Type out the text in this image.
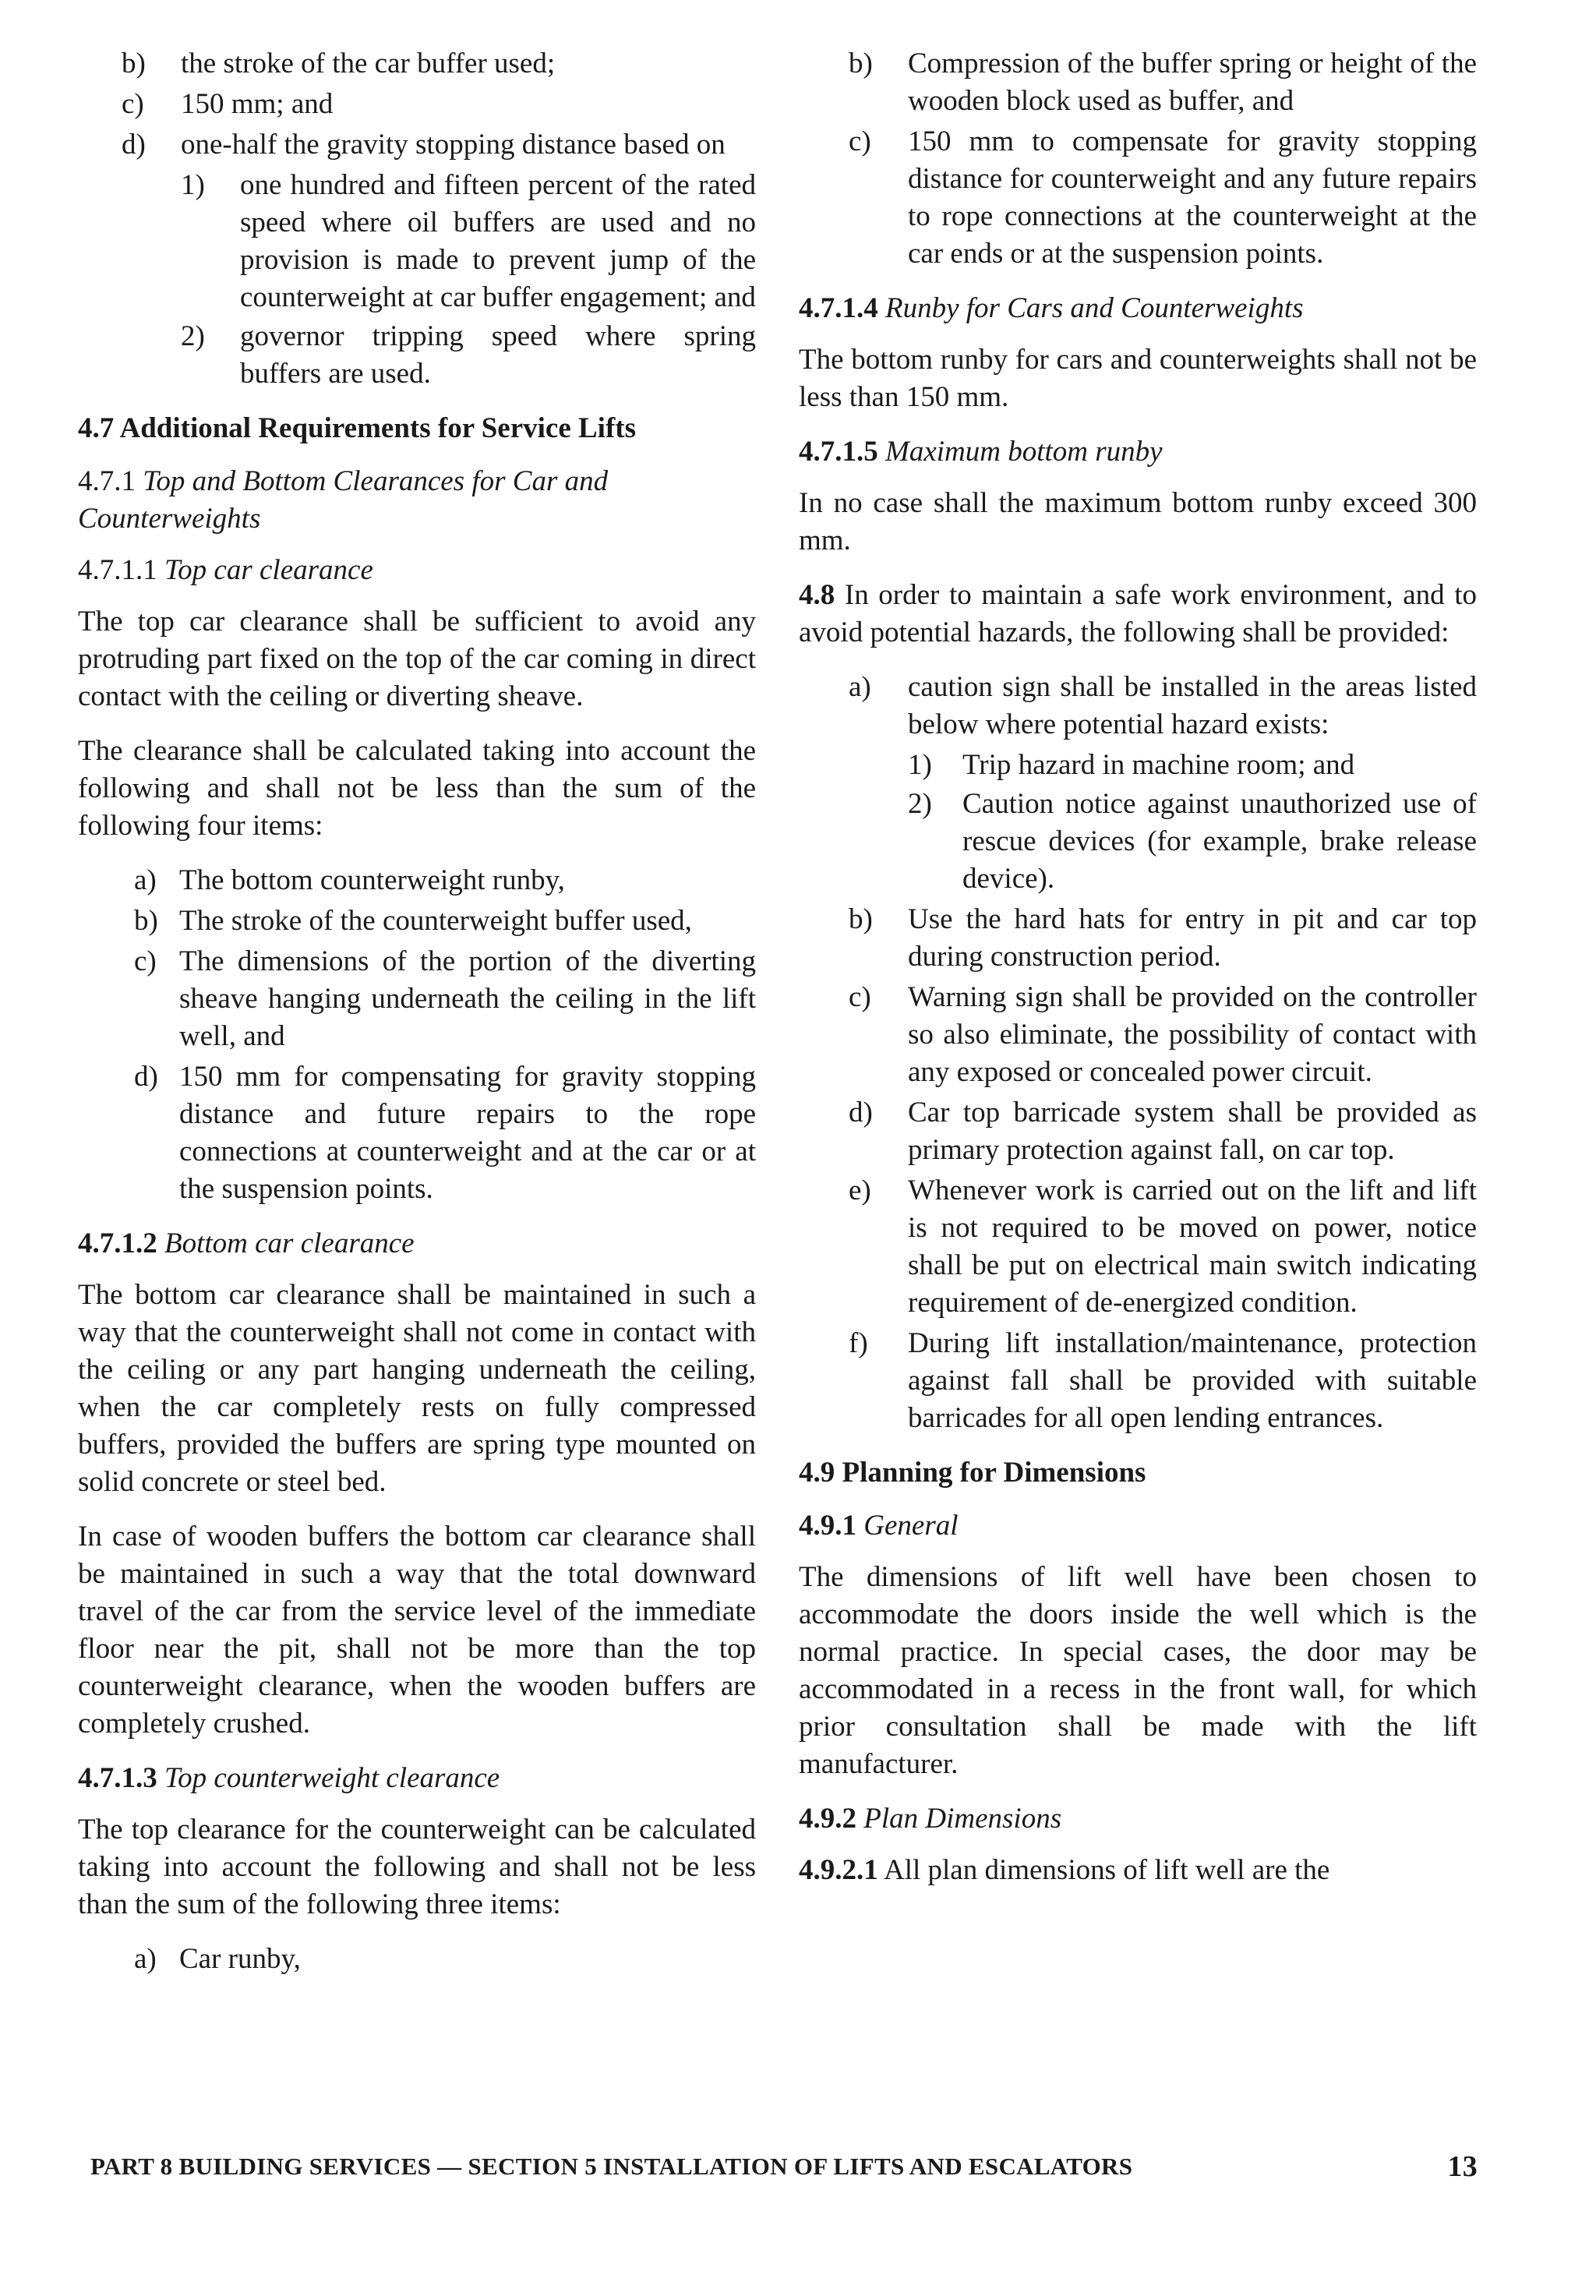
b) the stroke of the car buffer used;
c) 150 mm; and
d) one-half the gravity stopping distance based on
1) one hundred and fifteen percent of the rated speed where oil buffers are used and no provision is made to prevent jump of the counterweight at car buffer engagement; and
2) governor tripping speed where spring buffers are used.
4.7 Additional Requirements for Service Lifts
4.7.1 Top and Bottom Clearances for Car and Counterweights
4.7.1.1 Top car clearance

The top car clearance shall be sufficient to avoid any protruding part fixed on the top of the car coming in direct contact with the ceiling or diverting sheave.

The clearance shall be calculated taking into account the following and shall not be less than the sum of the following four items:

a) The bottom counterweight runby,
b) The stroke of the counterweight buffer used,
c) The dimensions of the portion of the diverting sheave hanging underneath the ceiling in the lift well, and
d) 150 mm for compensating for gravity stopping distance and future repairs to the rope connections at counterweight and at the car or at the suspension points.
4.7.1.2 Bottom car clearance

The bottom car clearance shall be maintained in such a way that the counterweight shall not come in contact with the ceiling or any part hanging underneath the ceiling, when the car completely rests on fully compressed buffers, provided the buffers are spring type mounted on solid concrete or steel bed.

In case of wooden buffers the bottom car clearance shall be maintained in such a way that the total downward travel of the car from the service level of the immediate floor near the pit, shall not be more than the top counterweight clearance, when the wooden buffers are completely crushed.

4.7.1.3 Top counterweight clearance

The top clearance for the counterweight can be calculated taking into account the following and shall not be less than the sum of the following three items:

a) Car runby,
b) Compression of the buffer spring or height of the wooden block used as buffer, and
c) 150 mm to compensate for gravity stopping distance for counterweight and any future repairs to rope connections at the counterweight at the car ends or at the suspension points.
4.7.1.4 Runby for Cars and Counterweights

The bottom runby for cars and counterweights shall not be less than 150 mm.

4.7.1.5 Maximum bottom runby

In no case shall the maximum bottom runby exceed 300 mm.

4.8 In order to maintain a safe work environment, and to avoid potential hazards, the following shall be provided:

a) caution sign shall be installed in the areas listed below where potential hazard exists:
1) Trip hazard in machine room; and
2) Caution notice against unauthorized use of rescue devices (for example, brake release device).
b) Use the hard hats for entry in pit and car top during construction period.
c) Warning sign shall be provided on the controller so also eliminate, the possibility of contact with any exposed or concealed power circuit.
d) Car top barricade system shall be provided as primary protection against fall, on car top.
e) Whenever work is carried out on the lift and lift is not required to be moved on power, notice shall be put on electrical main switch indicating requirement of de-energized condition.
f) During lift installation/maintenance, protection against fall shall be provided with suitable barricades for all open lending entrances.
4.9 Planning for Dimensions
4.9.1 General

The dimensions of lift well have been chosen to accommodate the doors inside the well which is the normal practice. In special cases, the door may be accommodated in a recess in the front wall, for which prior consultation shall be made with the lift manufacturer.

4.9.2 Plan Dimensions

4.9.2.1 All plan dimensions of lift well are the

PART 8 BUILDING SERVICES — SECTION 5 INSTALLATION OF LIFTS AND ESCALATORS	13
